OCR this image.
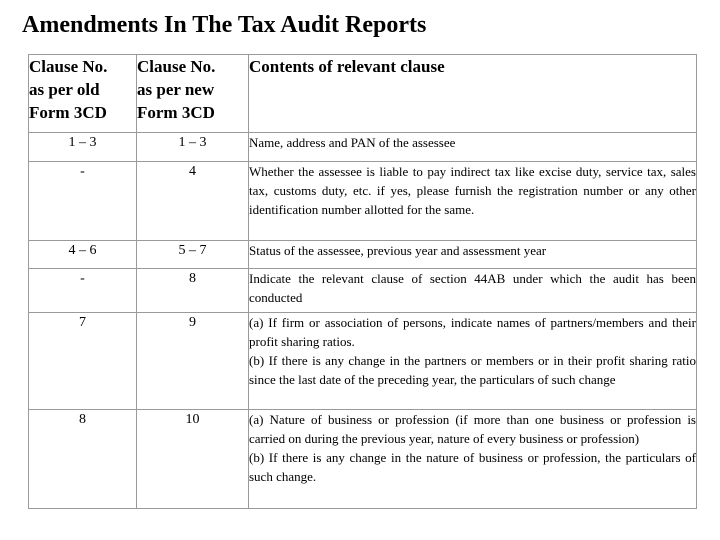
Amendments In The Tax Audit Reports
Clause No.
as per old
Form 3CD	Clause No.
as per new
Form 3CD	Contents of relevant clause
1 – 3	1 – 3	Name, address and PAN of the assessee

-	4	Whether the assessee is liable to pay indirect tax like excise duty, service tax, sales tax, customs duty, etc. if yes, please furnish the registration number or any other identification number allotted for the same.

4 – 6	5 – 7	Status of the assessee, previous year and assessment year

-	8	Indicate the relevant clause of section 44AB under which the audit has been conducted

7	9	(a) If firm or association of persons, indicate names of partners/members and their profit sharing ratios.

(b) If there is any change in the partners or members or in their profit sharing ratio since the last date of the preceding year, the particulars of such change

8	10	(a) Nature of business or profession (if more than one business or profession is carried on during the previous year, nature of every business or profession)

(b) If there is any change in the nature of business or profession, the particulars of such change.
